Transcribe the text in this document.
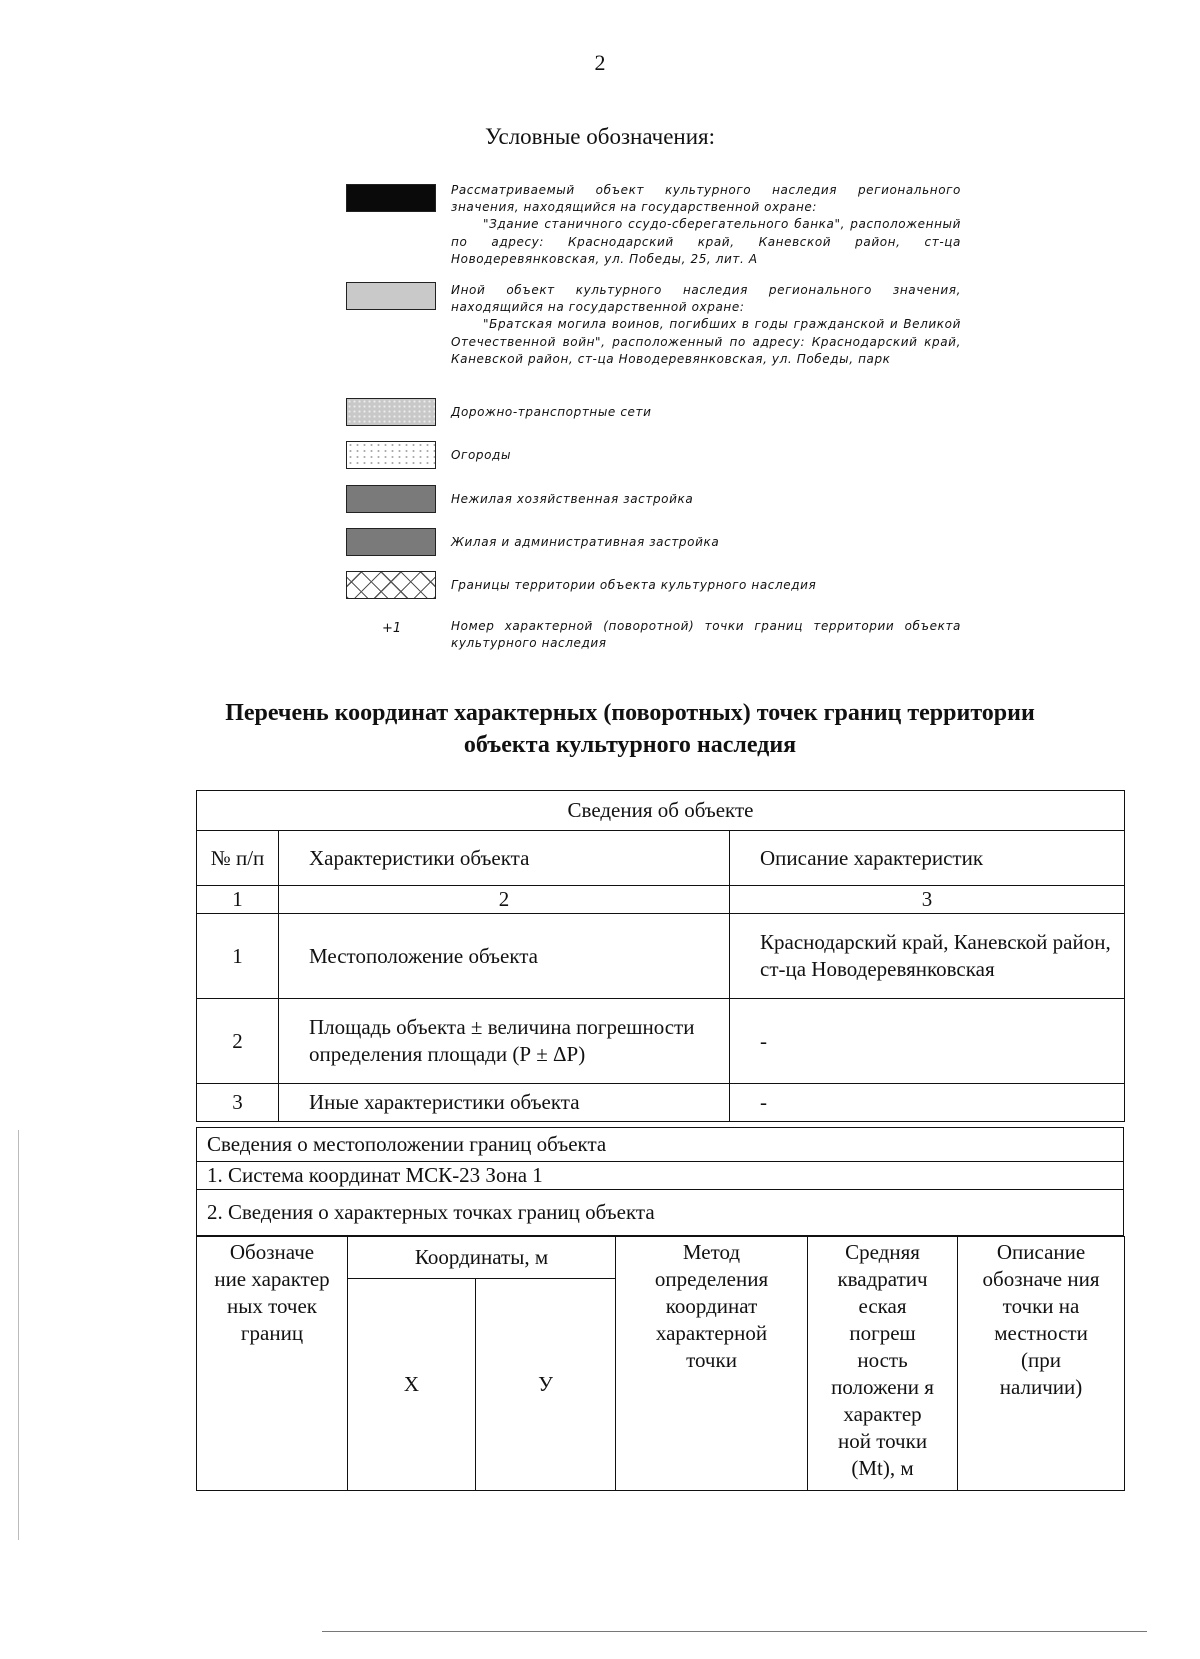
2
Условные обозначения:
Рассматриваемый объект культурного наследия регионального значения, находящийся на государственной охране:
"Здание станичного ссудо-сберегательного банка", расположенный по адресу: Краснодарский край, Каневской район, ст-ца Новодеревянковская, ул. Победы, 25, лит. А
Иной объект культурного наследия регионального значения, находящийся на государственной охране:
"Братская могила воинов, погибших в годы гражданской и Великой Отечественной войн", расположенный по адресу: Краснодарский край, Каневской район, ст-ца Новодеревянковская, ул. Победы, парк
Дорожно-транспортные сети
Огороды
Нежилая хозяйственная застройка
Жилая и административная застройка
Границы территории объекта культурного наследия
+1	Номер характерной (поворотной) точки границ территории объекта культурного наследия
Перечень координат характерных (поворотных) точек границ территории
объекта культурного наследия
Сведения об объекте		
№ п/п	Характеристики объекта	Описание характеристик
1	2	3
1	Местоположение объекта	Краснодарский край, Каневской район, ст-ца Новодеревянковская
2	Площадь объекта ± величина погрешности определения площади (Р ± ΔР)	-
3	Иные характеристики объекта	-
Сведения о местоположении границ объекта
1. Система координат МСК-23 Зона 1
2. Сведения о характерных точках границ объекта
Обозначе ние характер ных точек границ	Координаты, м		Метод определения координат характерной точки	Средняя квадратич еская погреш ность положени я характер ной точки (Mt), м	Описание обозначе ния точки на местности (при наличии)
	Х	У			
